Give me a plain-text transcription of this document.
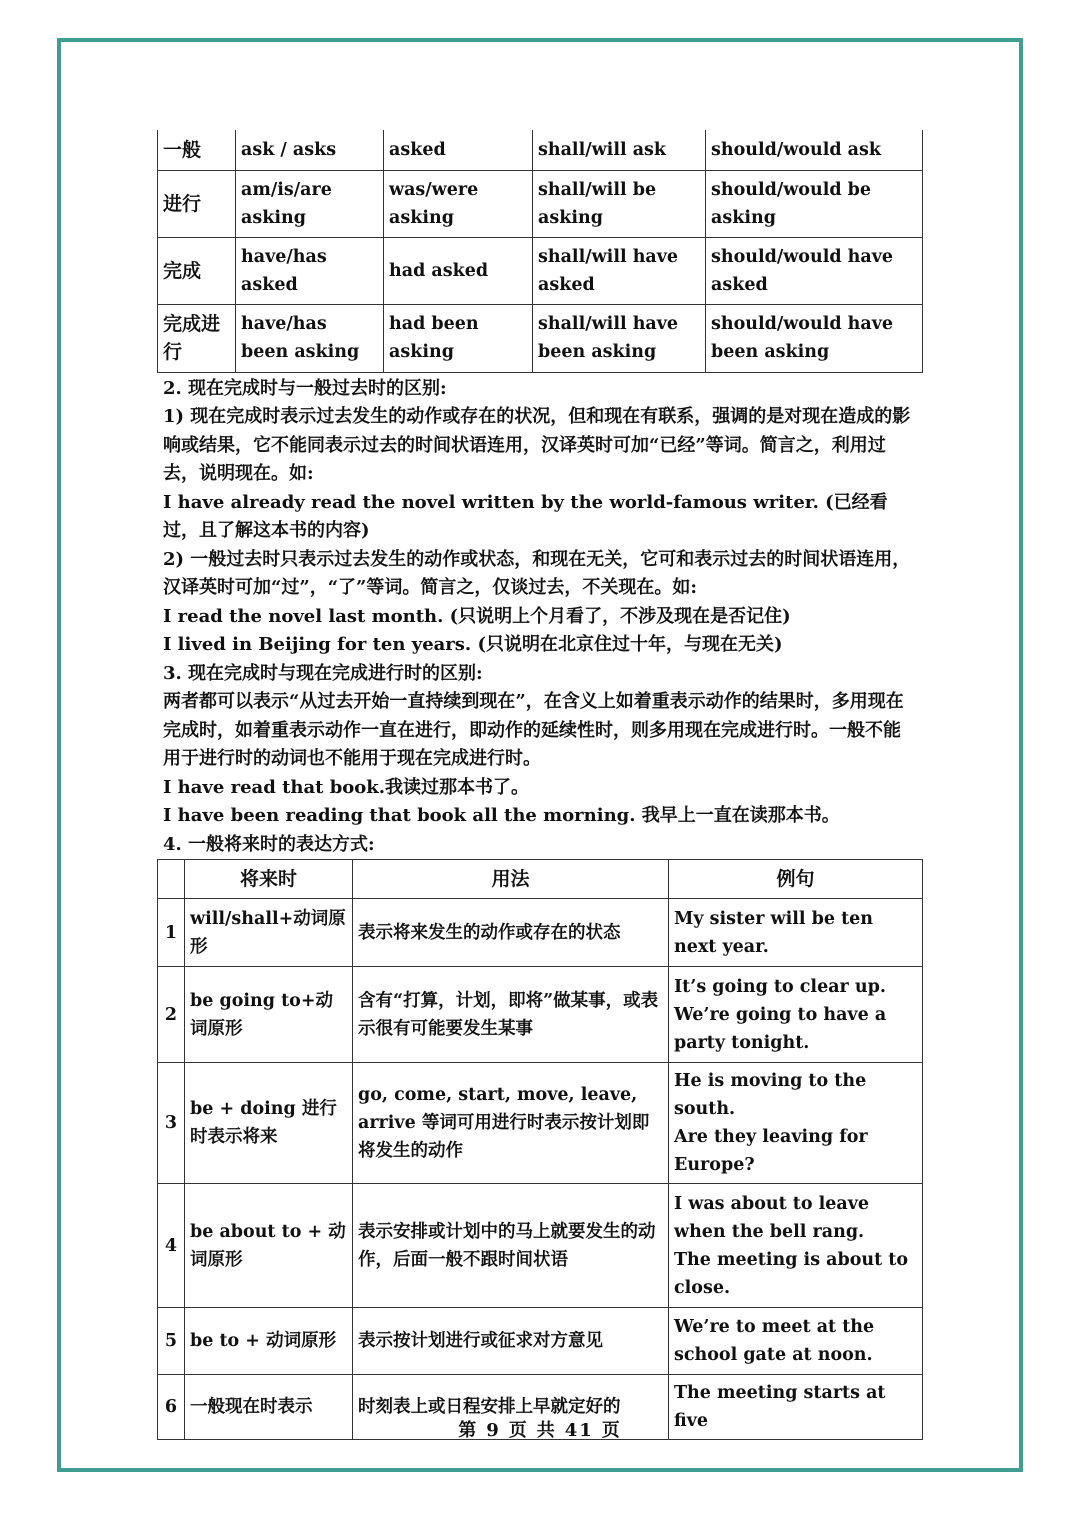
一般	ask / asks	asked	shall/will ask	should/would ask
进行	am/is/are asking	was/were asking	shall/will be asking	should/would be asking
完成	have/has asked	had asked	shall/will have asked	should/would have asked
完成进行	have/has been asking	had been asking	shall/will have been asking	should/would have been asking

2. 现在完成时与一般过去时的区别:

1) 现在完成时表示过去发生的动作或存在的状况，但和现在有联系，强调的是对现在造成的影响或结果，它不能同表示过去的时间状语连用，汉译英时可加“已经”等词。简言之，利用过去，说明现在。如:

I have already read the novel written by the world-famous writer. (已经看过，且了解这本书的内容)

2) 一般过去时只表示过去发生的动作或状态，和现在无关，它可和表示过去的时间状语连用，汉译英时可加“过”，“了”等词。简言之，仅谈过去，不关现在。如:

I read the novel last month. (只说明上个月看了，不涉及现在是否记住)

I lived in Beijing for ten years. (只说明在北京住过十年，与现在无关)

3. 现在完成时与现在完成进行时的区别:

两者都可以表示“从过去开始一直持续到现在”，在含义上如着重表示动作的结果时，多用现在完成时，如着重表示动作一直在进行，即动作的延续性时，则多用现在完成进行时。一般不能用于进行时的动词也不能用于现在完成进行时。

I have read that book.我读过那本书了。

I have been reading that book all the morning. 我早上一直在读那本书。

4. 一般将来时的表达方式:

	将来时	用法	例句
1	will/shall+动词原形	表示将来发生的动作或存在的状态	My sister will be ten next year.
2	be going to+动词原形	含有“打算，计划，即将”做某事，或表示很有可能要发生某事	It’s going to clear up.
We’re going to have a party tonight.
3	be + doing 进行时表示将来	go, come, start, move, leave, arrive 等词可用进行时表示按计划即将发生的动作	He is moving to the south.
Are they leaving for Europe?
4	be about to + 动词原形	表示安排或计划中的马上就要发生的动作，后面一般不跟时间状语	I was about to leave when the bell rang.
The meeting is about to close.
5	be to + 动词原形	表示按计划进行或征求对方意见	We’re to meet at the school gate at noon.
6	一般现在时表示	时刻表上或日程安排上早就定好的	The meeting starts at five
第 9 页 共 41 页
